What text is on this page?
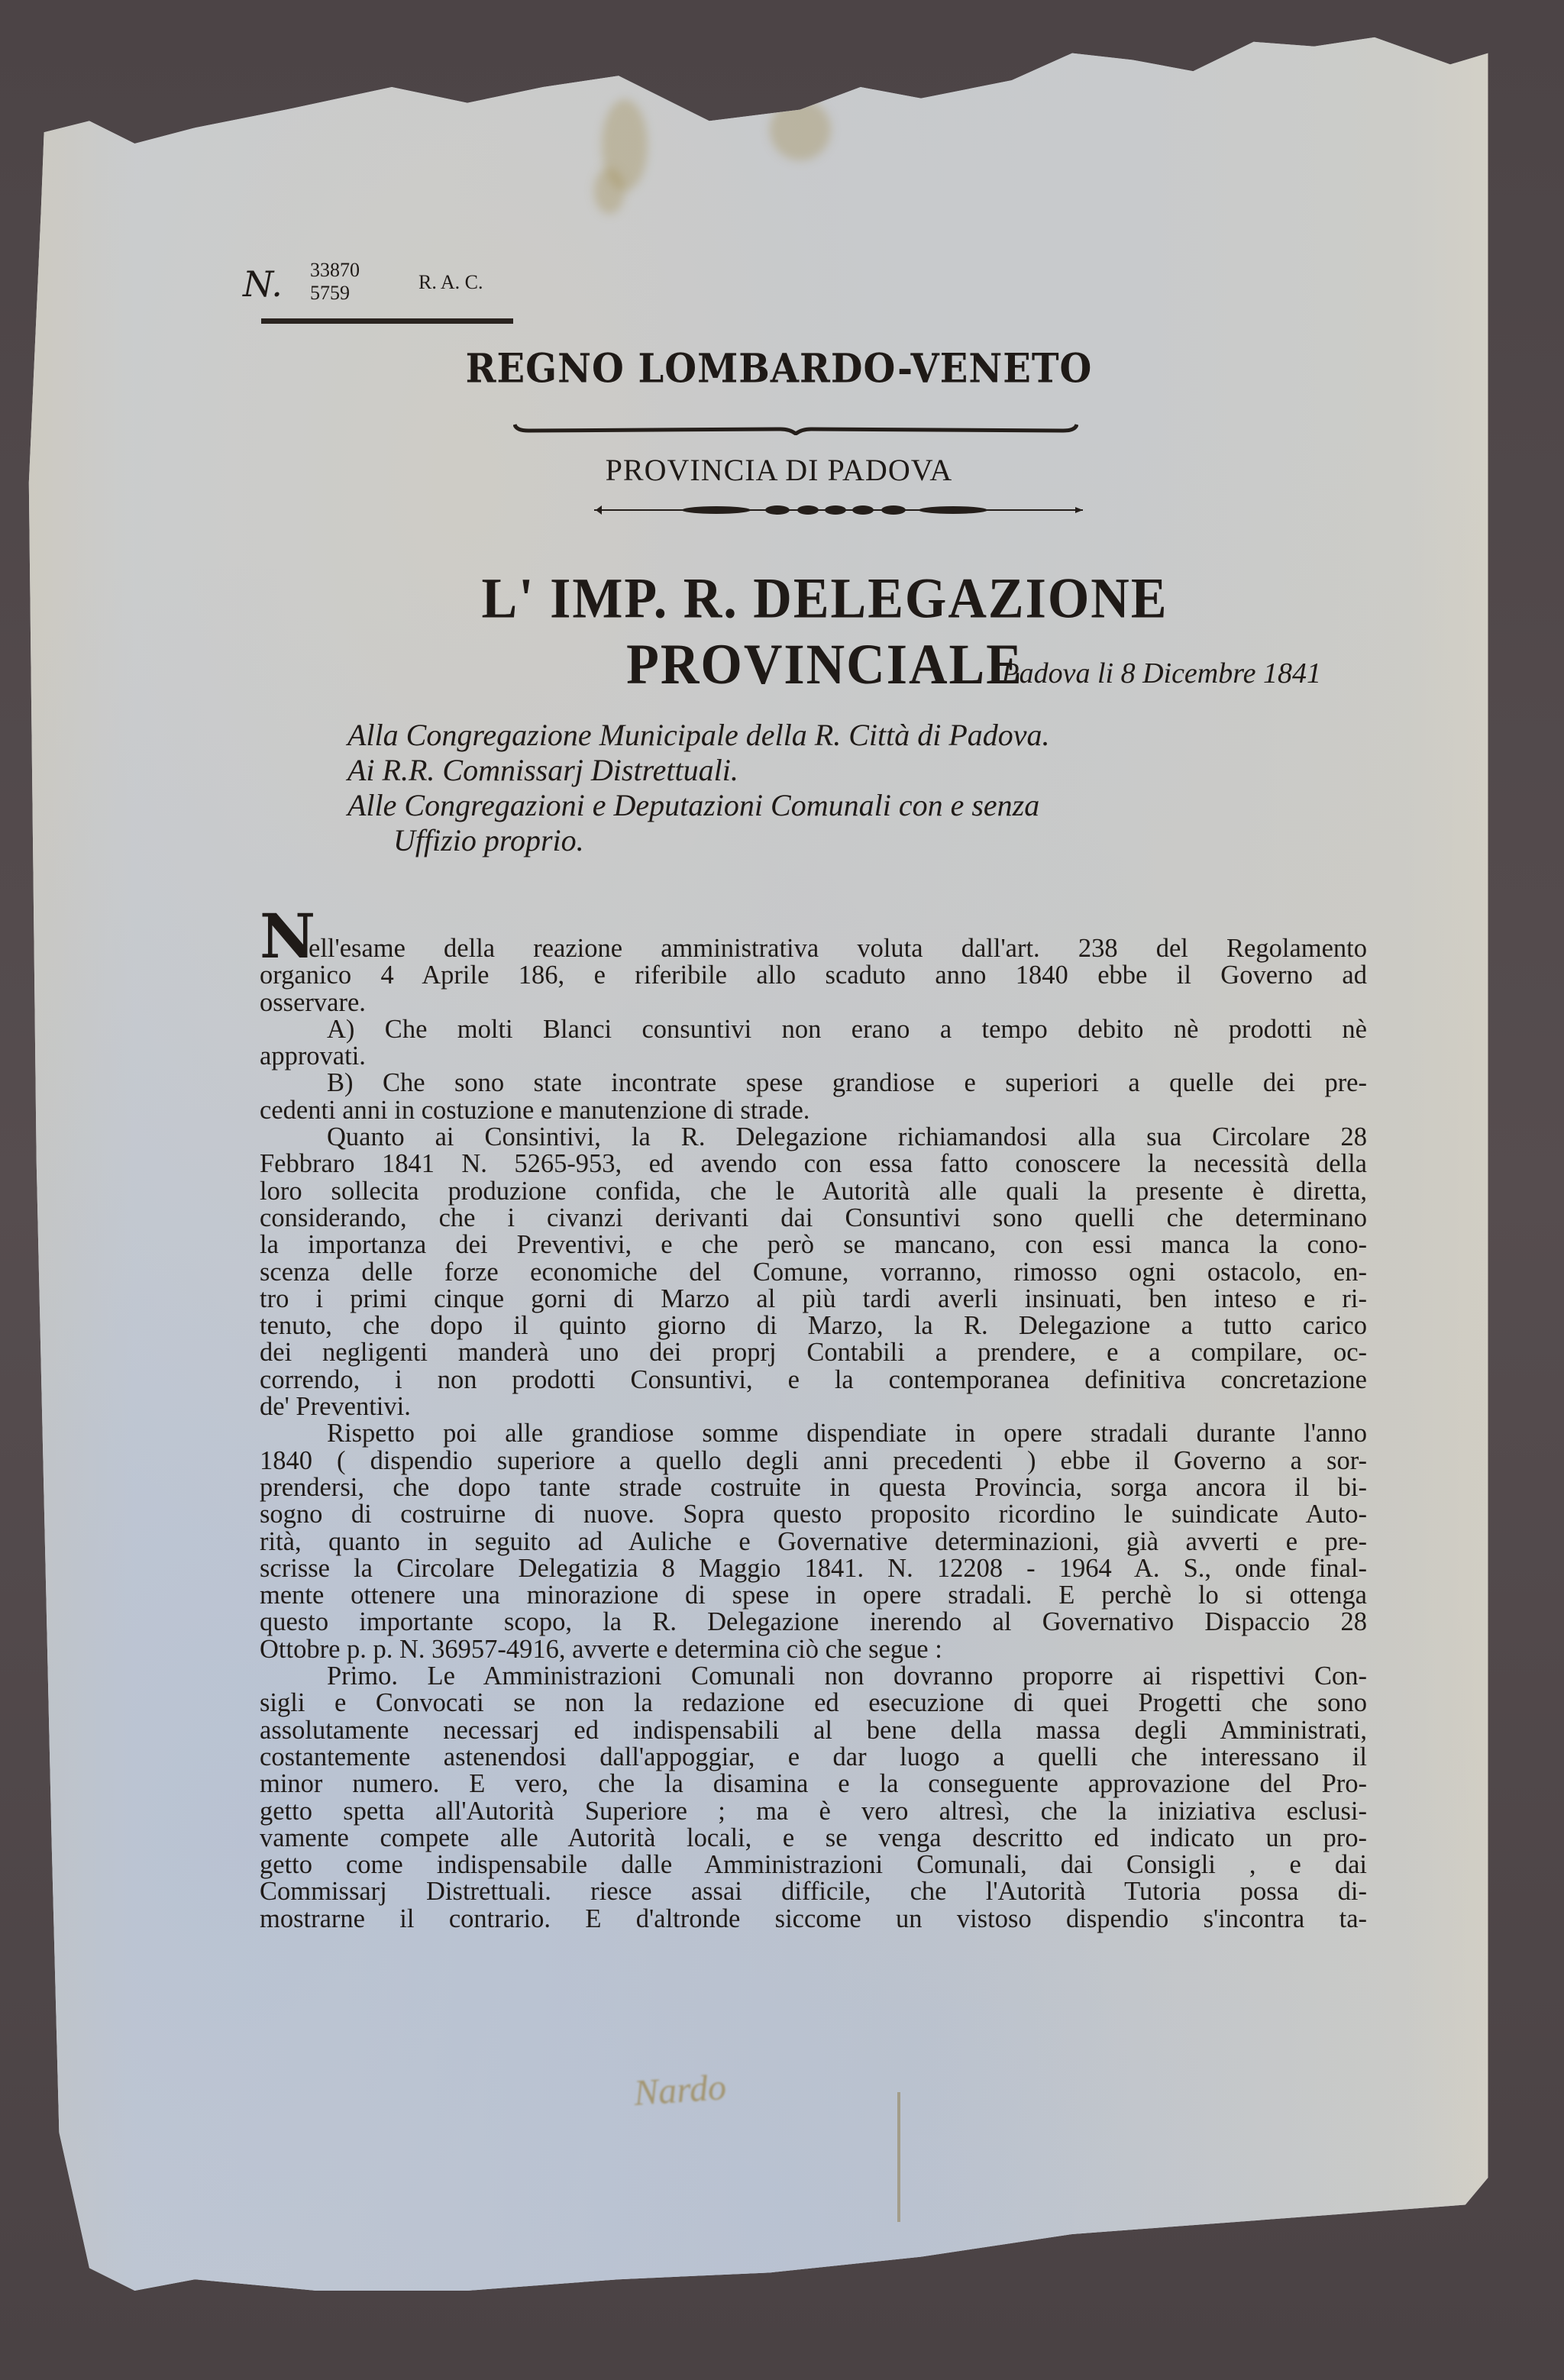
N. 33870
5759	R. A. C.
REGNO LOMBARDO-VENETO
PROVINCIA DI PADOVA
L' IMP. R. DELEGAZIONE PROVINCIALE
Padova li 8 Dicembre 1841
Alla Congregazione Municipale della R. Città di Padova.
Ai R.R. Comnissarj Distrettuali.
Alle Congregazioni e Deputazioni Comunali con e senza
Uffizio proprio.
N
ell'esame della reazione amministrativa voluta dall'art. 238 del Regolamento
organico 4 Aprile 186, e riferibile allo scaduto anno 1840 ebbe il Governo ad
osservare.
A) Che molti Blanci consuntivi non erano a tempo debito nè prodotti nè
approvati.
B) Che sono state incontrate spese grandiose e superiori a quelle dei pre-
cedenti anni in costuzione e manutenzione di strade.
Quanto ai Consintivi, la R. Delegazione richiamandosi alla sua Circolare 28
Febbraro 1841 N. 5265-953, ed avendo con essa fatto conoscere la necessità della
loro sollecita produzione confida, che le Autorità alle quali la presente è diretta,
considerando, che i civanzi derivanti dai Consuntivi sono quelli che determinano
la importanza dei Preventivi, e che però se mancano, con essi manca la cono-
scenza delle forze economiche del Comune, vorranno, rimosso ogni ostacolo, en-
tro i primi cinque gorni di Marzo al più tardi averli insinuati, ben inteso e ri-
tenuto, che dopo il quinto giorno di Marzo, la R. Delegazione a tutto carico
dei negligenti manderà uno dei proprj Contabili a prendere, e a compilare, oc-
correndo, i non prodotti Consuntivi, e la contemporanea definitiva concretazione
de' Preventivi.
Rispetto poi alle grandiose somme dispendiate in opere stradali durante l'anno
1840 ( dispendio superiore a quello degli anni precedenti ) ebbe il Governo a sor-
prendersi, che dopo tante strade costruite in questa Provincia, sorga ancora il bi-
sogno di costruirne di nuove. Sopra questo proposito ricordino le suindicate Auto-
rità, quanto in seguito ad Auliche e Governative determinazioni, già avverti e pre-
scrisse la Circolare Delegatizia 8 Maggio 1841. N. 12208 - 1964 A. S., onde final-
mente ottenere una minorazione di spese in opere stradali. E perchè lo si ottenga
questo importante scopo, la R. Delegazione inerendo al Governativo Dispaccio 28
Ottobre p. p. N. 36957-4916, avverte e determina ciò che segue :
Primo. Le Amministrazioni Comunali non dovranno proporre ai rispettivi Con-
sigli e Convocati se non la redazione ed esecuzione di quei Progetti che sono
assolutamente necessarj ed indispensabili al bene della massa degli Amministrati,
costantemente astenendosi dall'appoggiar, e dar luogo a quelli che interessano il
minor numero. E vero, che la disamina e la conseguente approvazione del Pro-
getto spetta all'Autorità Superiore ; ma è vero altresì, che la iniziativa esclusi-
vamente compete alle Autorità locali, e se venga descritto ed indicato un pro-
getto come indispensabile dalle Amministrazioni Comunali, dai Consigli , e dai
Commissarj Distrettuali. riesce assai difficile, che l'Autorità Tutoria possa di-
mostrarne il contrario. E d'altronde siccome un vistoso dispendio s'incontra ta-
Nardo
